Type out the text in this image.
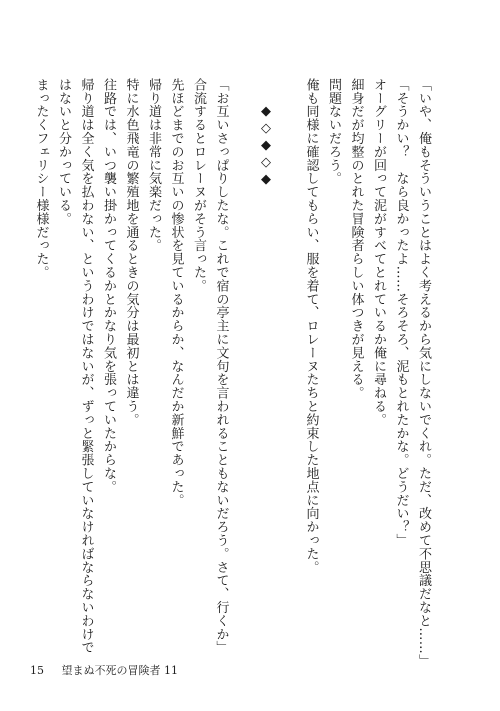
「いや、俺もそういうことはよく考えるから気にしないでくれ。ただ、改めて不思議だなと……」
「そうかい？　なら良かったよ……そろそろ、泥もとれたかな。どうだい？」
オーグリーが回って泥がすべてとれているか俺に尋ねる。
細身だが均整のとれた冒険者らしい体つきが見える。
問題ないだろう。
俺も同様に確認してもらい、服を着て、ロレーヌたちと約束した地点に向かった。
◆◇◆◇◆
「お互いさっぱりしたな。これで宿の亭主に文句を言われることもないだろう。さて、行くか」
合流するとロレーヌがそう言った。
先ほどまでのお互いの惨状を見ているからか、なんだか新鮮であった。
帰り道は非常に気楽だった。
特に水色飛竜の繁殖地を通るときの気分は最初とは違う。
往路では、いつ襲い掛かってくるかとかなり気を張っていたからな。
帰り道は全く気を払わない、というわけではないが、ずっと緊張していなければならないわけで
はないと分かっている。
まったくフェリシー様様だった。
15 望まぬ不死の冒険者 11
